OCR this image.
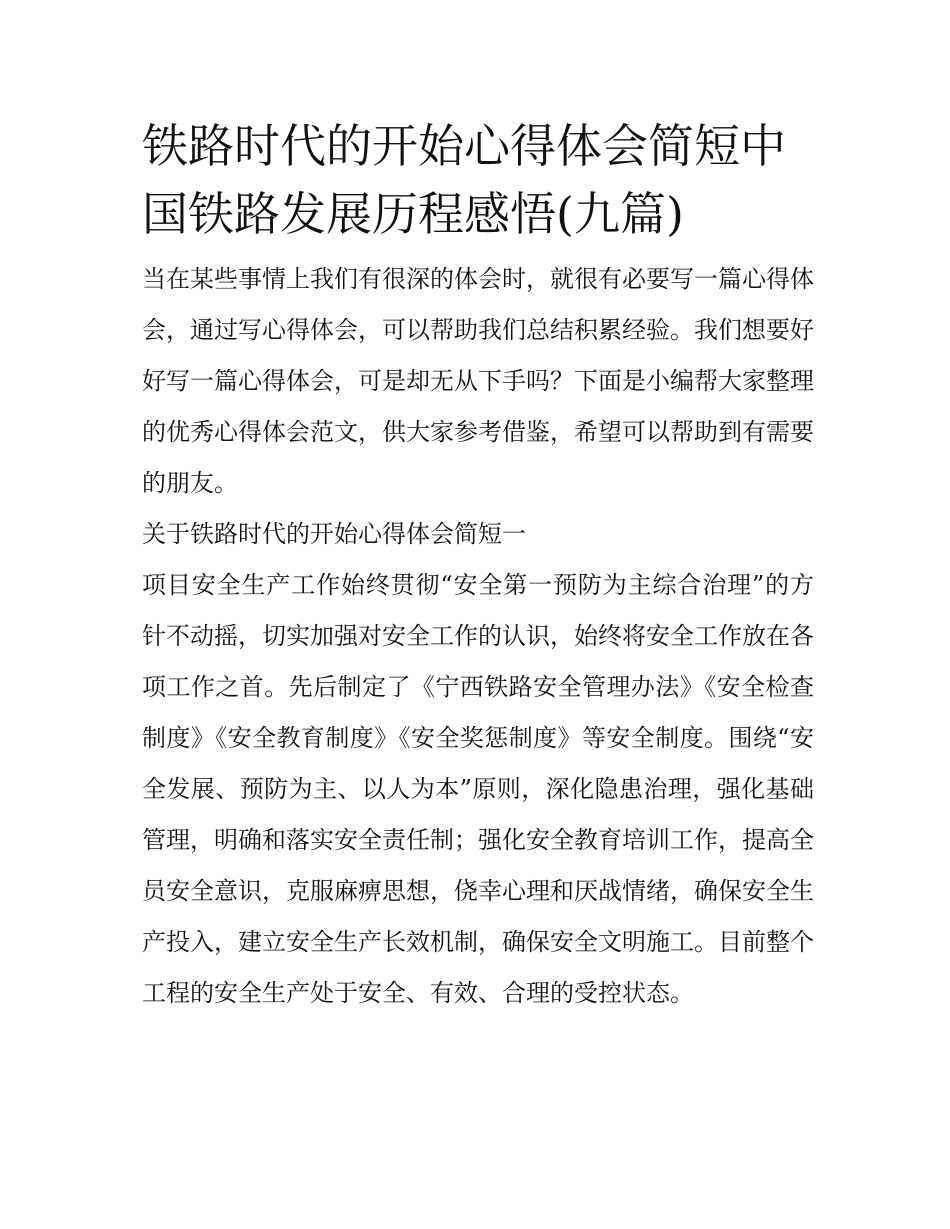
铁路时代的开始心得体会简短中国铁路发展历程感悟(九篇)

当在某些事情上我们有很深的体会时，就很有必要写一篇心得体会，通过写心得体会，可以帮助我们总结积累经验。我们想要好好写一篇心得体会，可是却无从下手吗？下面是小编帮大家整理的优秀心得体会范文，供大家参考借鉴，希望可以帮助到有需要的朋友。

关于铁路时代的开始心得体会简短一

项目安全生产工作始终贯彻“安全第一预防为主综合治理”的方针不动摇，切实加强对安全工作的认识，始终将安全工作放在各项工作之首。先后制定了《宁西铁路安全管理办法》《安全检查制度》《安全教育制度》《安全奖惩制度》等安全制度。围绕“安全发展、预防为主、以人为本”原则，深化隐患治理，强化基础管理，明确和落实安全责任制；强化安全教育培训工作，提高全员安全意识，克服麻痹思想，侥幸心理和厌战情绪，确保安全生产投入，建立安全生产长效机制，确保安全文明施工。目前整个工程的安全生产处于安全、有效、合理的受控状态。
